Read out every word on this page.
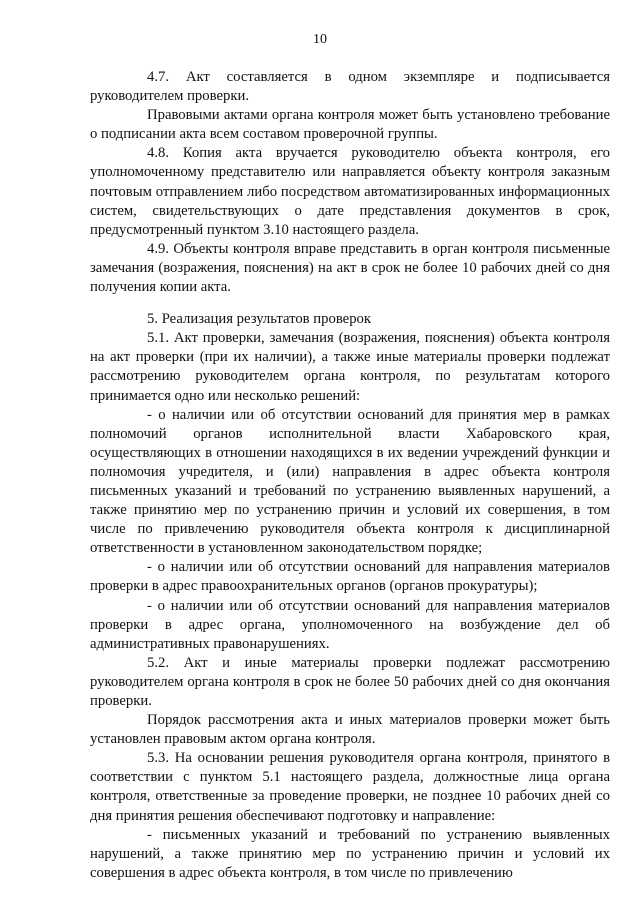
10

4.7. Акт составляется в одном экземпляре и подписывается руководителем проверки.

Правовыми актами органа контроля может быть установлено требование о подписании акта всем составом проверочной группы.

4.8. Копия акта вручается руководителю объекта контроля, его уполномоченному представителю или направляется объекту контроля заказным почтовым отправлением либо посредством автоматизированных информационных систем, свидетельствующих о дате представления документов в срок, предусмотренный пунктом 3.10 настоящего раздела.

4.9. Объекты контроля вправе представить в орган контроля письменные замечания (возражения, пояснения) на акт в срок не более 10 рабочих дней со дня получения копии акта.

5. Реализация результатов проверок

5.1. Акт проверки, замечания (возражения, пояснения) объекта контроля на акт проверки (при их наличии), а также иные материалы проверки подлежат рассмотрению руководителем органа контроля, по результатам которого принимается одно или несколько решений:

- о наличии или об отсутствии оснований для принятия мер в рамках полномочий органов исполнительной власти Хабаровского края, осуществляющих в отношении находящихся в их ведении учреждений функции и полномочия учредителя, и (или) направления в адрес объекта контроля письменных указаний и требований по устранению выявленных нарушений, а также принятию мер по устранению причин и условий их совершения, в том числе по привлечению руководителя объекта контроля к дисциплинарной ответственности в установленном законодательством порядке;

- о наличии или об отсутствии оснований для направления материалов проверки в адрес правоохранительных органов (органов прокуратуры);

- о наличии или об отсутствии оснований для направления материалов проверки в адрес органа, уполномоченного на возбуждение дел об административных правонарушениях.

5.2. Акт и иные материалы проверки подлежат рассмотрению руководителем органа контроля в срок не более 50 рабочих дней со дня окончания проверки.

Порядок рассмотрения акта и иных материалов проверки может быть установлен правовым актом органа контроля.

5.3. На основании решения руководителя органа контроля, принятого в соответствии с пунктом 5.1 настоящего раздела, должностные лица органа контроля, ответственные за проведение проверки, не позднее 10 рабочих дней со дня принятия решения обеспечивают подготовку и направление:

- письменных указаний и требований по устранению выявленных нарушений, а также принятию мер по устранению причин и условий их совершения в адрес объекта контроля, в том числе по привлечению
